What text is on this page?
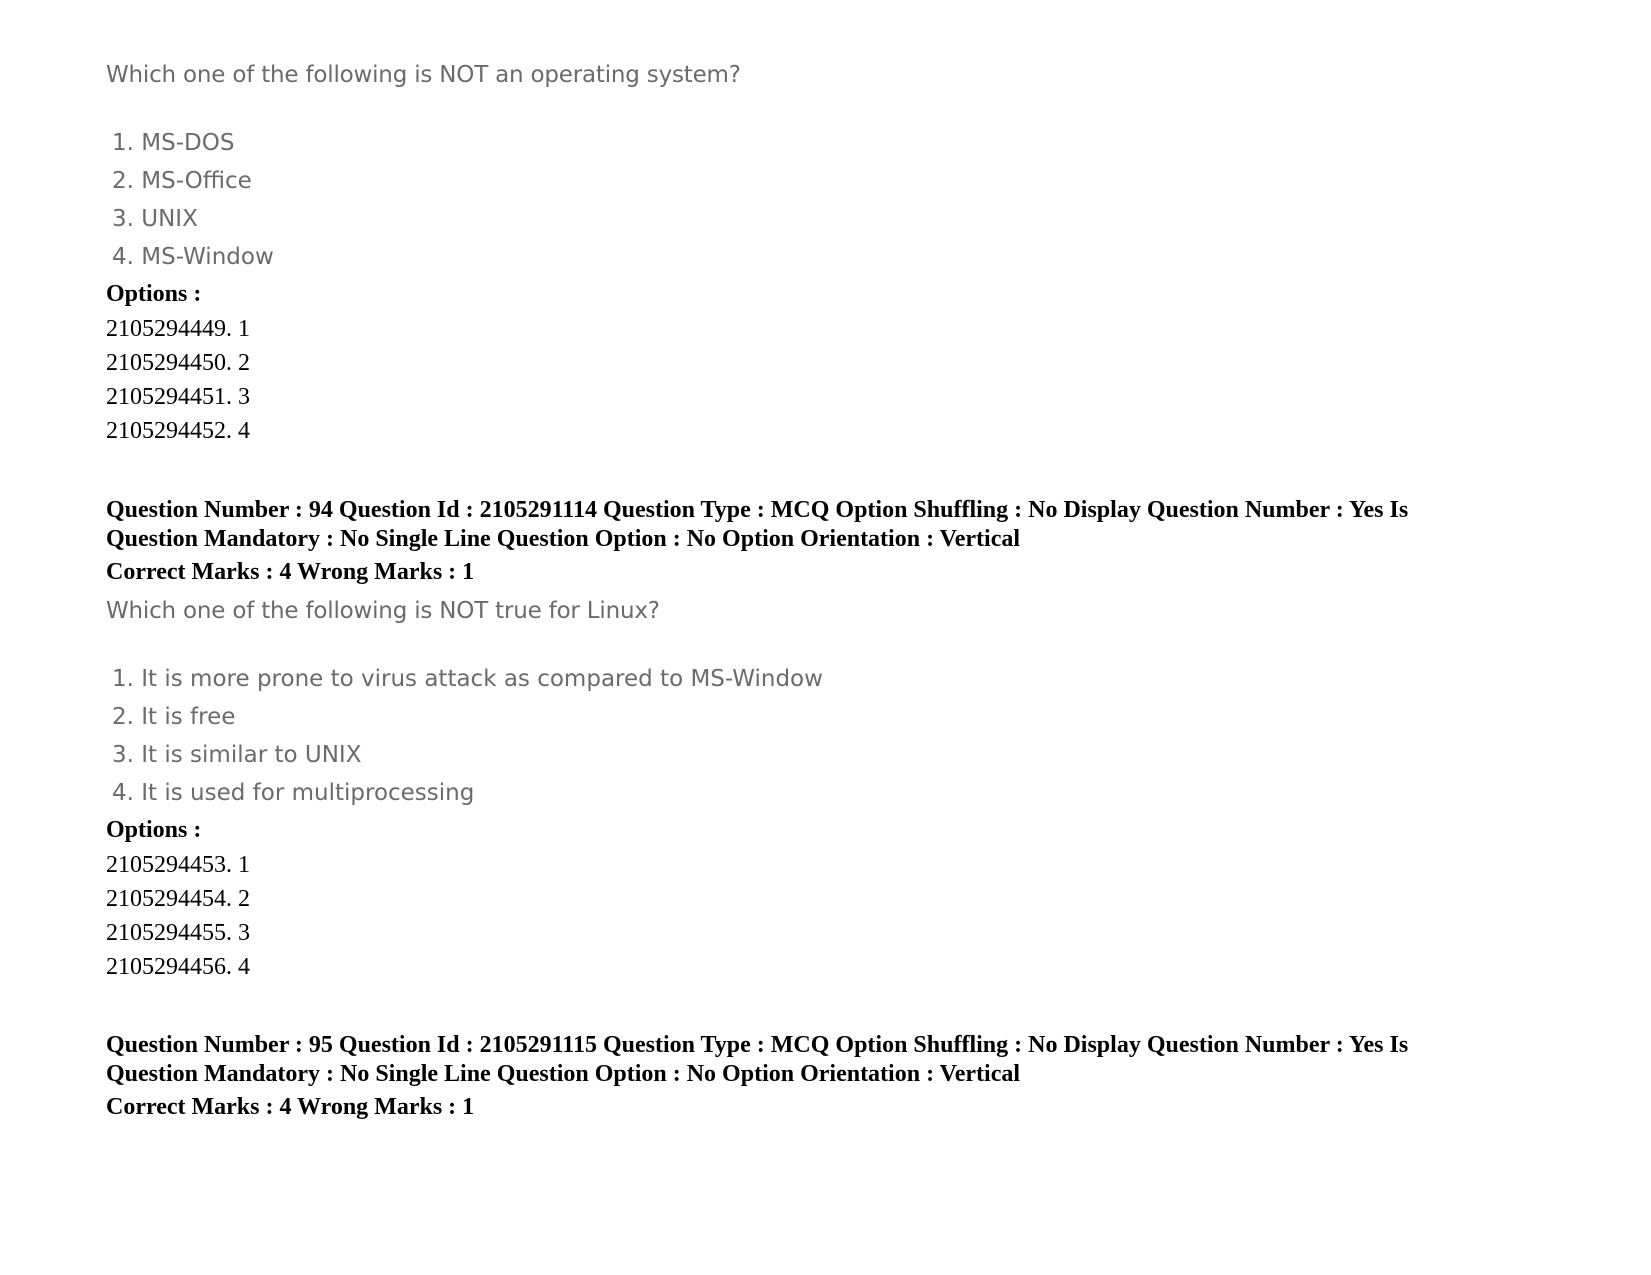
Which one of the following is NOT an operating system?
1. MS-DOS
2. MS-Office
3. UNIX
4. MS-Window
Options :
2105294449. 1
2105294450. 2
2105294451. 3
2105294452. 4
Question Number : 94 Question Id : 2105291114 Question Type : MCQ Option Shuffling : No Display Question Number : Yes Is
Question Mandatory : No Single Line Question Option : No Option Orientation : Vertical
Correct Marks : 4 Wrong Marks : 1
Which one of the following is NOT true for Linux?
1. It is more prone to virus attack as compared to MS-Window
2. It is free
3. It is similar to UNIX
4. It is used for multiprocessing
Options :
2105294453. 1
2105294454. 2
2105294455. 3
2105294456. 4
Question Number : 95 Question Id : 2105291115 Question Type : MCQ Option Shuffling : No Display Question Number : Yes Is
Question Mandatory : No Single Line Question Option : No Option Orientation : Vertical
Correct Marks : 4 Wrong Marks : 1
